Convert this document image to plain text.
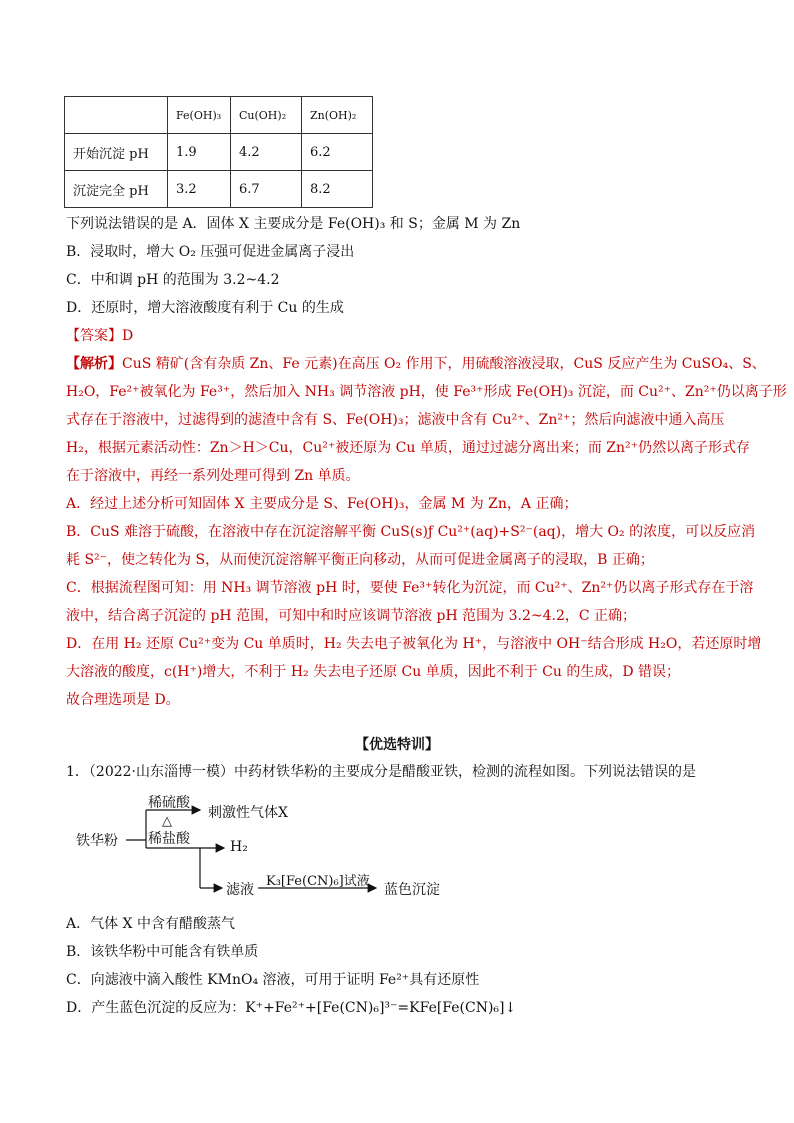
	Fe(OH)₃	Cu(OH)₂	Zn(OH)₂
开始沉淀 pH	1.9	4.2	6.2
沉淀完全 pH	3.2	6.7	8.2
下列说法错误的是 A．固体 X 主要成分是 Fe(OH)₃ 和 S；金属 M 为 Zn
B．浸取时，增大 O₂ 压强可促进金属离子浸出
C．中和调 pH 的范围为 3.2~4.2
D．还原时，增大溶液酸度有利于 Cu 的生成
【答案】D
【解析】CuS 精矿(含有杂质 Zn、Fe 元素)在高压 O₂ 作用下，用硫酸溶液浸取，CuS 反应产生为 CuSO₄、S、
H₂O，Fe²⁺被氧化为 Fe³⁺，然后加入 NH₃ 调节溶液 pH，使 Fe³⁺形成 Fe(OH)₃ 沉淀，而 Cu²⁺、Zn²⁺仍以离子形
式存在于溶液中，过滤得到的滤渣中含有 S、Fe(OH)₃；滤液中含有 Cu²⁺、Zn²⁺；然后向滤液中通入高压
H₂，根据元素活动性：Zn＞H＞Cu，Cu²⁺被还原为 Cu 单质，通过过滤分离出来；而 Zn²⁺仍然以离子形式存
在于溶液中，再经一系列处理可得到 Zn 单质。
A．经过上述分析可知固体 X 主要成分是 S、Fe(OH)₃，金属 M 为 Zn，A 正确；
B．CuS 难溶于硫酸，在溶液中存在沉淀溶解平衡 CuS(s)ƒ Cu²⁺(aq)+S²⁻(aq)，增大 O₂ 的浓度，可以反应消
耗 S²⁻，使之转化为 S，从而使沉淀溶解平衡正向移动，从而可促进金属离子的浸取，B 正确；
C．根据流程图可知：用 NH₃ 调节溶液 pH 时，要使 Fe³⁺转化为沉淀，而 Cu²⁺、Zn²⁺仍以离子形式存在于溶
液中，结合离子沉淀的 pH 范围，可知中和时应该调节溶液 pH 范围为 3.2~4.2，C 正确；
D．在用 H₂ 还原 Cu²⁺变为 Cu 单质时，H₂ 失去电子被氧化为 H⁺，与溶液中 OH⁻结合形成 H₂O，若还原时增
大溶液的酸度，c(H⁺)增大，不利于 H₂ 失去电子还原 Cu 单质，因此不利于 Cu 的生成，D 错误；
故合理选项是 D。
【优选特训】
1．（2022·山东淄博一模）中药材铁华粉的主要成分是醋酸亚铁，检测的流程如图。下列说法错误的是
铁华粉
稀硫酸
△
刺激性气体X
稀盐酸	H₂
滤液
K₃[Fe(CN)₆]试液
蓝色沉淀
A．气体 X 中含有醋酸蒸气
B．该铁华粉中可能含有铁单质
C．向滤液中滴入酸性 KMnO₄ 溶液，可用于证明 Fe²⁺具有还原性
D．产生蓝色沉淀的反应为：K⁺+Fe²⁺+[Fe(CN)₆]³⁻=KFe[Fe(CN)₆]↓
